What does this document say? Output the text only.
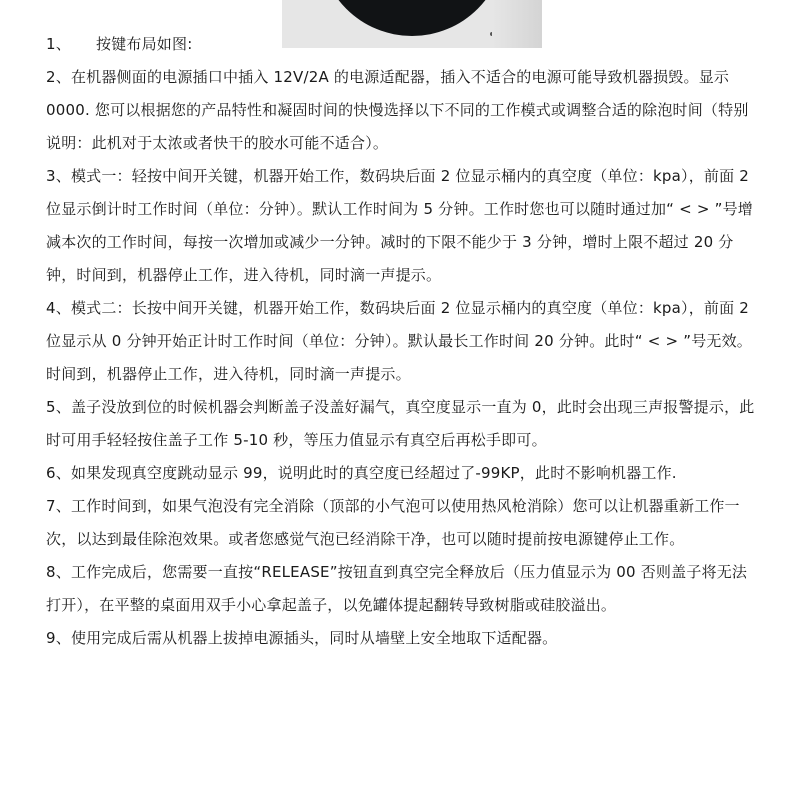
1、 按键布局如图:

2、在机器侧面的电源插口中插入 12V/2A 的电源适配器，插入不适合的电源可能导致机器损毁。显示 0000. 您可以根据您的产品特性和凝固时间的快慢选择以下不同的工作模式或调整合适的除泡时间（特别说明：此机对于太浓或者快干的胶水可能不适合）。

3、模式一：轻按中间开关键，机器开始工作，数码块后面 2 位显示桶内的真空度（单位：kpa），前面 2 位显示倒计时工作时间（单位：分钟）。默认工作时间为 5 分钟。工作时您也可以随时通过加“ < > ”号增减本次的工作时间，每按一次增加或减少一分钟。减时的下限不能少于 3 分钟，增时上限不超过 20 分钟，时间到，机器停止工作，进入待机，同时滴一声提示。

4、模式二：长按中间开关键，机器开始工作，数码块后面 2 位显示桶内的真空度（单位：kpa），前面 2 位显示从 0 分钟开始正计时工作时间（单位：分钟）。默认最长工作时间 20 分钟。此时“ < > ”号无效。时间到，机器停止工作，进入待机，同时滴一声提示。

5、盖子没放到位的时候机器会判断盖子没盖好漏气，真空度显示一直为 0，此时会出现三声报警提示，此时可用手轻轻按住盖子工作 5-10 秒，等压力值显示有真空后再松手即可。

6、如果发现真空度跳动显示 99，说明此时的真空度已经超过了-99KP，此时不影响机器工作.

7、工作时间到，如果气泡没有完全消除（顶部的小气泡可以使用热风枪消除）您可以让机器重新工作一次，以达到最佳除泡效果。或者您感觉气泡已经消除干净，也可以随时提前按电源键停止工作。

8、工作完成后，您需要一直按“RELEASE”按钮直到真空完全释放后（压力值显示为 00 否则盖子将无法打开），在平整的桌面用双手小心拿起盖子，以免罐体提起翻转导致树脂或硅胶溢出。

9、使用完成后需从机器上拔掉电源插头，同时从墙壁上安全地取下适配器。
